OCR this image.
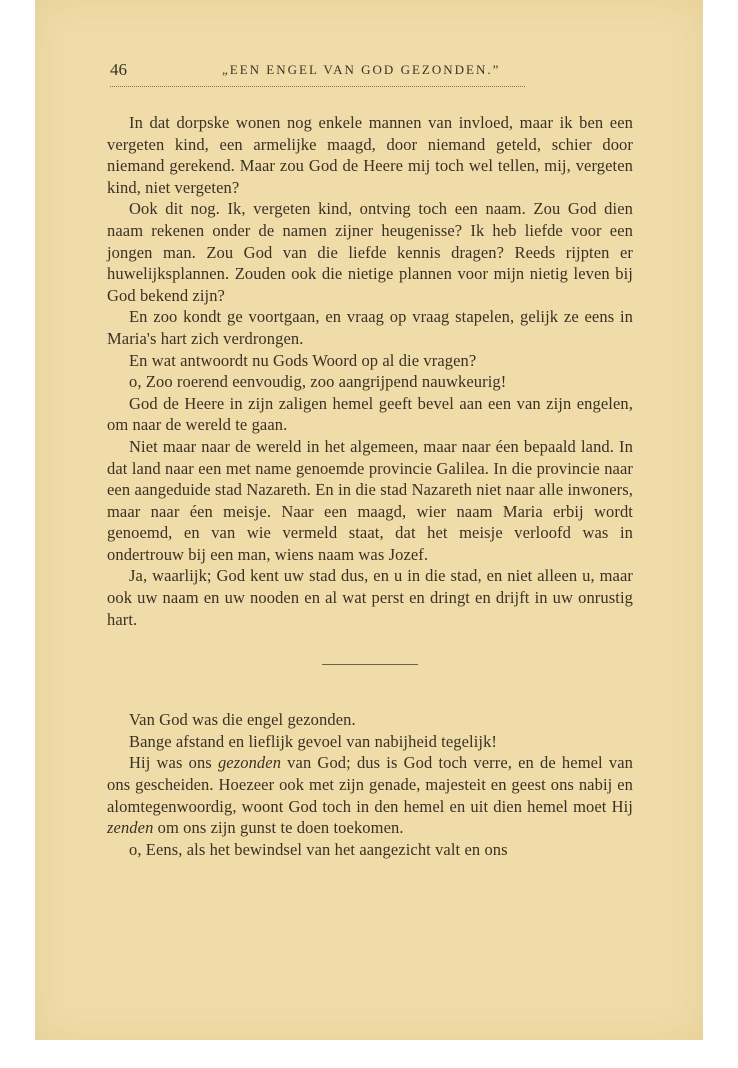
46	„EEN ENGEL VAN GOD GEZONDEN.”

In dat dorpske wonen nog enkele mannen van invloed, maar ik ben een vergeten kind, een armelijke maagd, door niemand geteld, schier door niemand gerekend. Maar zou God de Heere mij toch wel tellen, mij, vergeten kind, niet vergeten?

Ook dit nog. Ik, vergeten kind, ontving toch een naam. Zou God dien naam rekenen onder de namen zijner heugenisse? Ik heb liefde voor een jongen man. Zou God van die liefde kennis dragen? Reeds rijpten er huwelijksplannen. Zouden ook die nietige plannen voor mijn nietig leven bij God bekend zijn?

En zoo kondt ge voortgaan, en vraag op vraag stapelen, gelijk ze eens in Maria's hart zich verdrongen.

En wat antwoordt nu Gods Woord op al die vragen?

o, Zoo roerend eenvoudig, zoo aangrijpend nauwkeurig!

God de Heere in zijn zaligen hemel geeft bevel aan een van zijn engelen, om naar de wereld te gaan.

Niet maar naar de wereld in het algemeen, maar naar éen bepaald land. In dat land naar een met name genoemde provincie Galilea. In die provincie naar een aangeduide stad Nazareth. En in die stad Nazareth niet naar alle inwoners, maar naar éen meisje. Naar een maagd, wier naam Maria erbij wordt genoemd, en van wie vermeld staat, dat het meisje verloofd was in ondertrouw bij een man, wiens naam was Jozef.

Ja, waarlijk; God kent uw stad dus, en u in die stad, en niet alleen u, maar ook uw naam en uw nooden en al wat perst en dringt en drijft in uw onrustig hart.

Van God was die engel gezonden.

Bange afstand en lieflijk gevoel van nabijheid tegelijk!

Hij was ons gezonden van God; dus is God toch verre, en de hemel van ons gescheiden. Hoezeer ook met zijn genade, majesteit en geest ons nabij en alomtegenwoordig, woont God toch in den hemel en uit dien hemel moet Hij zenden om ons zijn gunst te doen toekomen.

o, Eens, als het bewindsel van het aangezicht valt en ons
